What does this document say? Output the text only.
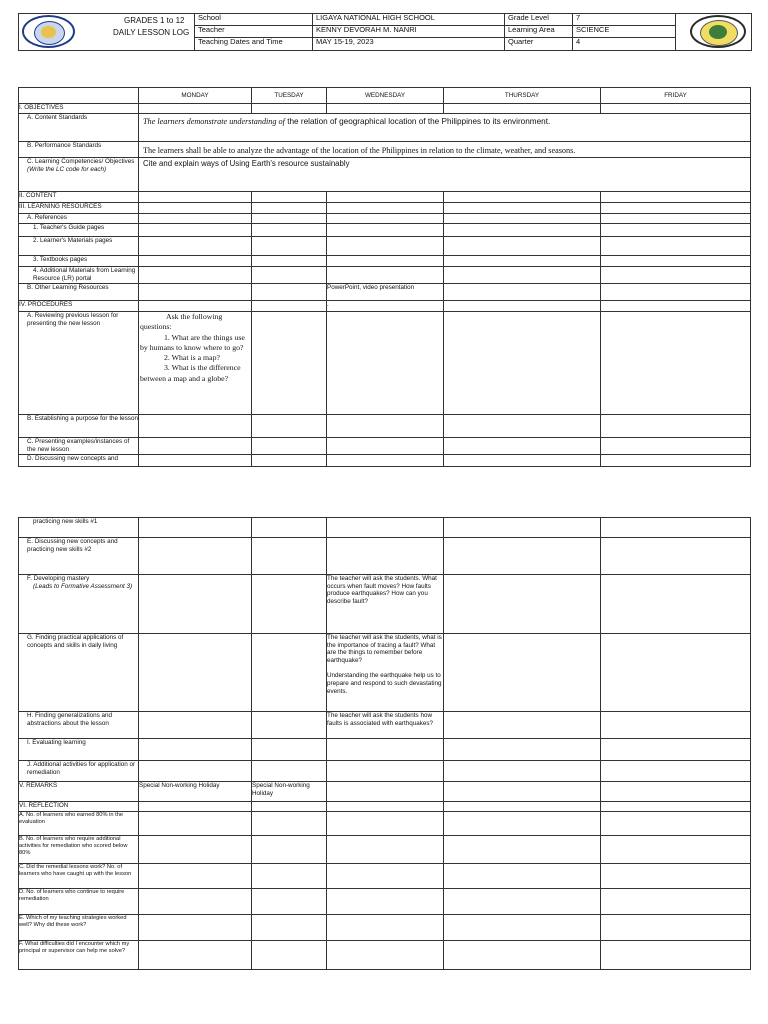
GRADES 1 to 12
DAILY LESSON LOG
School	LIGAYA NATIONAL HIGH SCHOOL
Teacher	KENNY DEVORAH M. NANRI
Teaching Dates and Time	MAY 15-19, 2023
Grade Level	7
Learning Area	SCIENCE
Quarter	4
	MONDAY	TUESDAY	WEDNESDAY	THURSDAY	FRIDAY
I. OBJECTIVES					
A. Content Standards	The learners demonstrate understanding of the relation of geographical location of the Philippines to its environment.				
B. Performance Standards	The learners shall be able to analyze the advantage of the location of the Philippines in relation to the climate, weather, and seasons.				
C. Learning Competencies/ Objectives (Write the LC code for each)	Cite and explain ways of Using Earth's resource sustainably				
II. CONTENT					
III. LEARNING RESOURCES					
A. References					
1. Teacher's Guide pages					
2. Learner's Materials pages					
3. Textbooks pages					
4. Additional Materials from Learning Resource (LR) portal					
B. Other Learning Resources			PowerPoint, video presentation		
IV. PROCEDURES			.		
A. Reviewing previous lesson for presenting the new lesson	Ask the following questions:
1. What are the things use by humans to know where to go?
2. What is a map?
3. What is the difference between a map and a globe?				

B. Establishing a purpose for the lesson					
C. Presenting examples/instances of the new lesson					
D. Discussing new concepts and					
practicing new skills #1					
E. Discussing new concepts and practicing new skills #2					
F. Developing mastery
(Leads to Formative Assessment 3)			The teacher will ask the students. What occurs when fault moves? How faults produce earthquakes? How can you describe fault?		
G. Finding practical applications of concepts and skills in daily living			The teacher will ask the students, what is the importance of tracing a fault? What are the things to remember before earthquake?
Understanding the earthquake help us to prepare and respond to such devastating events.		

H. Finding generalizations and abstractions about the lesson			The teacher will ask the students how faults is associated with earthquakes?		
I. Evaluating learning					
J. Additional activities for application or remediation					
V. REMARKS	Special Non-working Holiday	Special Non-working Holiday			
VI. REFLECTION					
A. No. of learners who earned 80% in the evaluation					
B. No. of learners who require additional activities for remediation who scored below 80%					
C. Did the remedial lessons work? No. of learners who have caught up with the lesson					
D. No. of learners who continue to require remediation					
E. Which of my teaching strategies worked well? Why did these work?					
F. What difficulties did I encounter which my principal or supervisor can help me solve?					
